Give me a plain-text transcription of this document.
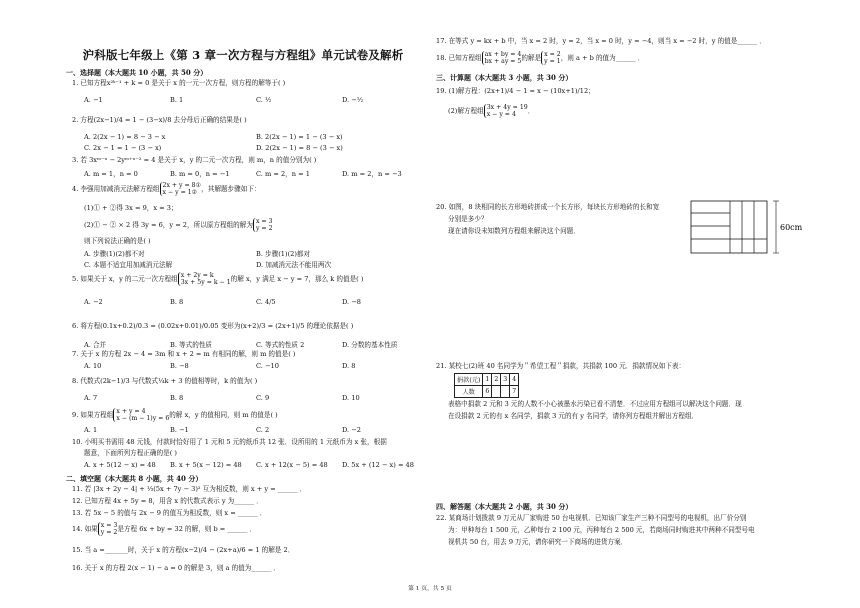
沪科版七年级上《第 3 章一次方程与方程组》单元试卷及解析
一、选择题（本大题共 10 小题，共 50 分）
1. 已知方程x²ᵏ⁻¹ + k = 0 是关于 x 的一元一次方程，则方程的解等于( )
A. −1	B. 1	C. ½	D. −½
2. 方程(2x−1)/4 = 1 − (3−x)/8 去分母后正确的结果是( )
A. 2(2x − 1) = 8 − 3 − x	B. 2(2x − 1) = 1 − (3 − x)
C. 2x − 1 = 1 − (3 − x)	D. 2(2x − 1) = 8 − (3 − x)
3. 若 3xᵐ⁻ⁿ − 2yᵐ⁺ⁿ⁻² = 4 是关于 x，y 的二元一次方程，则 m，n 的值分别为( )
A. m = 1，n = 0	B. m = 0，n = −1	C. m = 2，n = 1	D. m = 2，n = −3
4. 李强用加减消元法解方程组 2x + y = 8①
x − y = 1② ，其解题步骤如下：
(1)① + ②得 3x = 9，x = 3；
(2)① − ② × 2 得 3y = 6，y = 2，所以原方程组的解为 x = 3
y = 2
则下列说法正确的是( )
A. 步骤(1)(2)都不对	B. 步骤(1)(2)都对
C. 本题不适宜用加减消元法解	D. 加减消元法不能用两次
5. 如果关于 x，y 的二元一次方程组 x + 2y = k
3x + 5y = k − 1 的解 x，y 满足 x − y = 7，那么 k 的值是( )
A. −2	B. 8	C. 4/5	D. −8
6. 将方程(0.1x+0.2)/0.3 = (0.02x+0.01)/0.05 变形为(x+2)/3 = (2x+1)/5 的理论依据是( )
A. 合并	B. 等式的性质	C. 等式的性质 2	D. 分数的基本性质
7. 关于 x 的方程 2x − 4 = 3m 和 x + 2 = m 有相同的解，则 m 的值是( )
A. 10	B. −8	C. −10	D. 8
8. 代数式(2k−1)/3 与代数式¼k + 3 的值相等时，k 的值为( )
A. 7	B. 8	C. 9	D. 10
9. 如果方程组 x + y = 4
x − (m − 1)y = 6 的解 x，y 的值相同，则 m 的值是( )
A. 1	B. −1	C. 2	D. −2
10. 小明买书需用 48 元钱，付款时恰好用了 1 元和 5 元的纸币共 12 张．设所用的 1 元纸币为 x 张，根据
题意，下面所列方程正确的是( )
A. x + 5(12 − x) = 48 B. x + 5(x − 12) = 48 C. x + 12(x − 5) = 48 D. 5x + (12 − x) = 48
二、填空题（本大题共 8 小题，共 40 分）
11. 若 |3x + 2y − 4| + ⅓(5x + 7y − 3)² 互为相反数，则 x + y = ______ ．
12. 已知方程 4x + 5y = 8，用含 x 的代数式表示 y 为______ ．
13. 若 5x − 5 的值与 2x − 9 的值互为相反数，则 x = ______ ．
14. 如果 x = 3
y = 2 是方程 6x + by = 32 的解，则 b = ______ ．
15. 当 a =_______时，关于 x 的方程(x−2)/4 − (2x+a)/6 = 1 的解是 2．
16. 关于 x 的方程 2(x − 1) − a = 0 的解是 3，则 a 的值为______ ．
17. 在等式 y = kx + b 中，当 x = 2 时，y = 2，当 x = 0 时，y = −4，则当 x = −2 时，y 的值是______ ．
18. 已知方程组 ax + by = 4
bx + ay = 5 的解是 x = 2
y = 1 ，则 a + b 的值为______ ．
三、计算题（本大题共 3 小题，共 30 分）
19. (1)解方程：(2x+1)/4 − 1 = x − (10x+1)/12；
(2)解方程组 3x + 4y = 19
x − y = 4	．
20. 如图，8 块相同的长方形地砖拼成一个长方形，每块长方形地砖的长和宽
分别是多少？
现在请你设未知数列方程组来解决这个问题．	60cm
21. 某校七(2)班 40 名同学为＂希望工程＂捐款，共捐款 100 元．捐款情况如下表：
捐款(元)	1	2	3	4
人数	6			7
表格中捐款 2 元和 3 元的人数不小心被墨水污染已看不清楚．不过应用方程组可以解决这个问题．现
在设捐款 2 元的有 x 名同学，捐款 3 元的有 y 名同学，请你列方程组并解出方程组．
四、解答题（本大题共 2 小题，共 30 分）
22. 某商场计划拨款 9 万元从厂家购进 50 台电视机．已知该厂家生产三种不同型号的电视机，出厂价分别
为：甲种每台 1 500 元，乙种每台 2 100 元，丙种每台 2 500 元，若商场同时购进其中两种不同型号电
视机共 50 台，用去 9 万元，请你研究一下商场的进货方案．
第 1 页，共 5 页
